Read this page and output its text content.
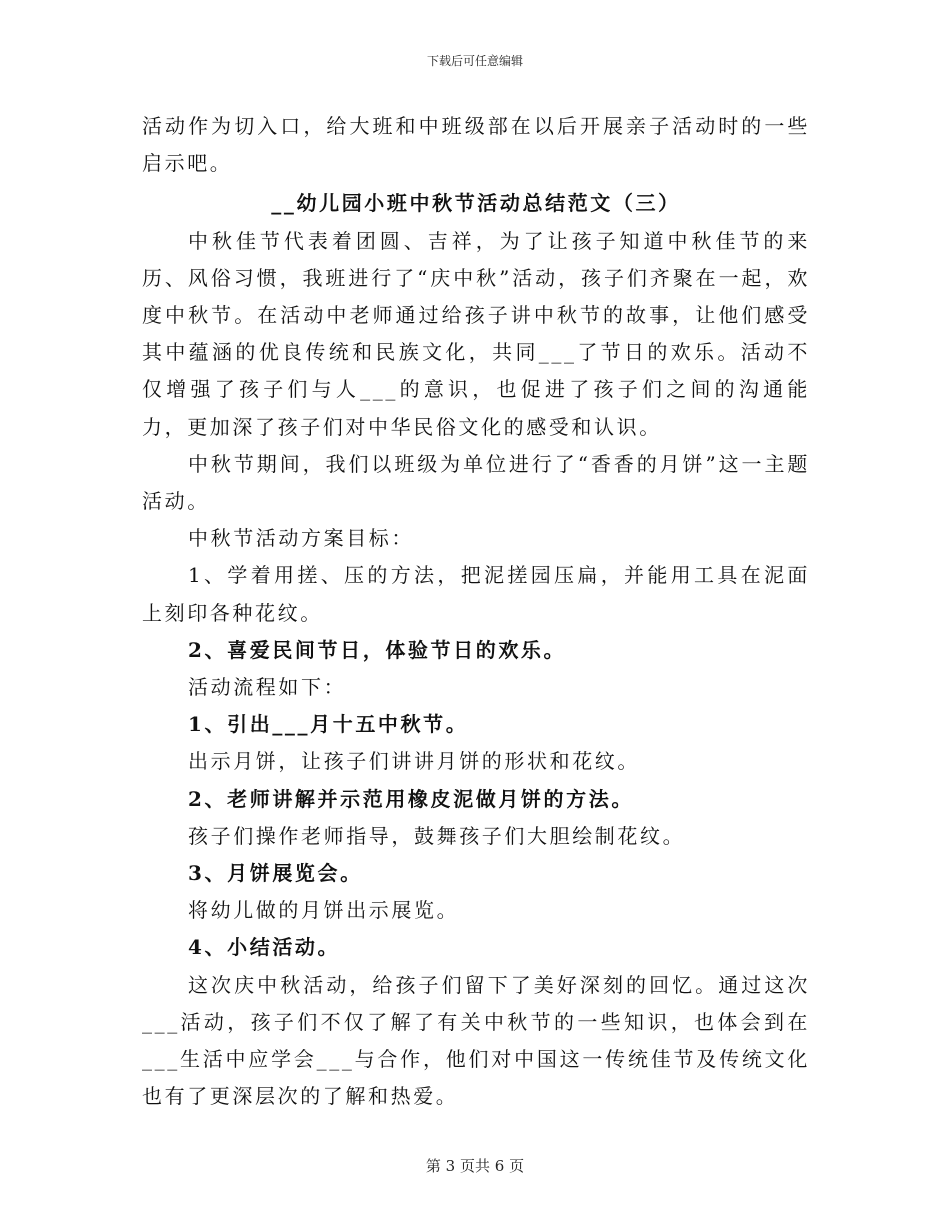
下载后可任意编辑

活动作为切入口，给大班和中班级部在以后开展亲子活动时的一些启示吧。

__幼儿园小班中秋节活动总结范文（三）

中秋佳节代表着团圆、吉祥，为了让孩子知道中秋佳节的来历、风俗习惯，我班进行了“庆中秋”活动，孩子们齐聚在一起，欢度中秋节。在活动中老师通过给孩子讲中秋节的故事，让他们感受其中蕴涵的优良传统和民族文化，共同___了节日的欢乐。活动不仅增强了孩子们与人___的意识，也促进了孩子们之间的沟通能力，更加深了孩子们对中华民俗文化的感受和认识。

中秋节期间，我们以班级为单位进行了“香香的月饼”这一主题活动。

中秋节活动方案目标：

1、学着用搓、压的方法，把泥搓园压扁，并能用工具在泥面上刻印各种花纹。

2、喜爱民间节日，体验节日的欢乐。

活动流程如下：

1、引出___月十五中秋节。

出示月饼，让孩子们讲讲月饼的形状和花纹。

2、老师讲解并示范用橡皮泥做月饼的方法。

孩子们操作老师指导，鼓舞孩子们大胆绘制花纹。

3、月饼展览会。

将幼儿做的月饼出示展览。

4、小结活动。

这次庆中秋活动，给孩子们留下了美好深刻的回忆。通过这次___活动，孩子们不仅了解了有关中秋节的一些知识，也体会到在___生活中应学会___与合作，他们对中国这一传统佳节及传统文化也有了更深层次的了解和热爱。

第 3 页共 6 页
